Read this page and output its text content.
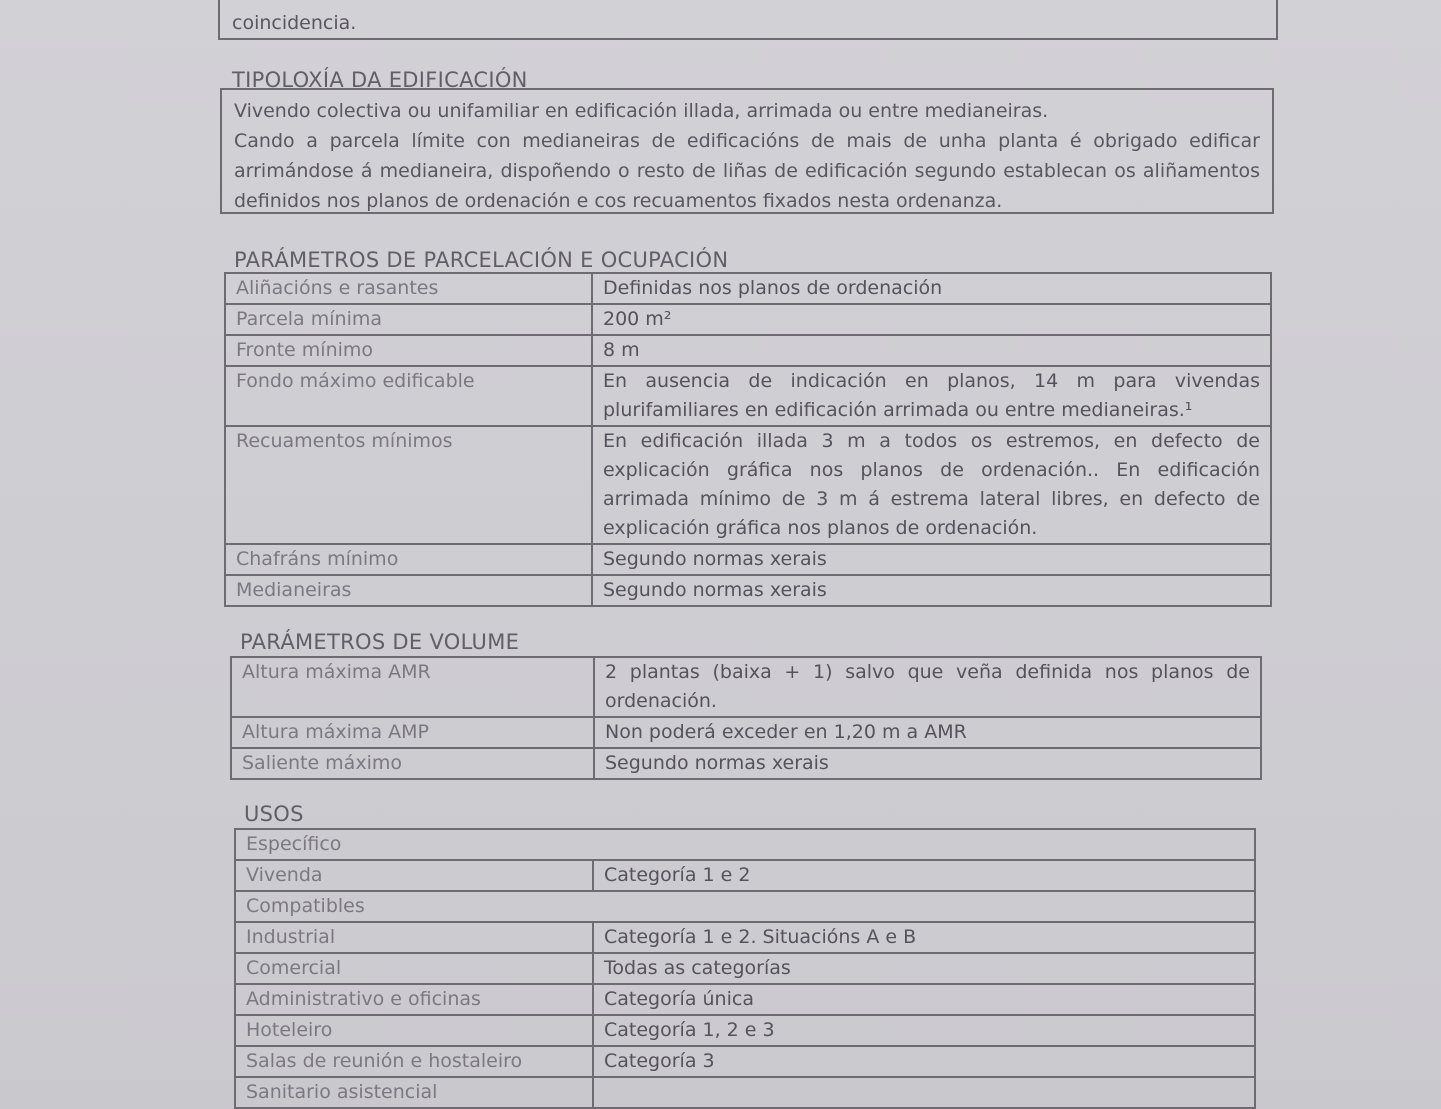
coincidencia.
TIPOLOXÍA DA EDIFICACIÓN
Vivendo colectiva ou unifamiliar en edificación illada, arrimada ou entre medianeiras.
Cando a parcela límite con medianeiras de edificacións de mais de unha planta é obrigado edificar arrimándose á medianeira, dispoñendo o resto de liñas de edificación segundo establecan os aliñamentos definidos nos planos de ordenación e cos recuamentos fixados nesta ordenanza.
PARÁMETROS DE PARCELACIÓN E OCUPACIÓN
Aliñacións e rasantes	Definidas nos planos de ordenación
Parcela mínima	200 m²
Fronte mínimo	8 m
Fondo máximo edificable	En ausencia de indicación en planos, 14 m para vivendas plurifamiliares en edificación arrimada ou entre medianeiras.¹
Recuamentos mínimos	En edificación illada 3 m a todos os estremos, en defecto de explicación gráfica nos planos de ordenación.. En edificación arrimada mínimo de 3 m á estrema lateral libres, en defecto de explicación gráfica nos planos de ordenación.
Chafráns mínimo	Segundo normas xerais
Medianeiras	Segundo normas xerais
PARÁMETROS DE VOLUME
Altura máxima AMR	2 plantas (baixa + 1) salvo que veña definida nos planos de ordenación.
Altura máxima AMP	Non poderá exceder en 1,20 m a AMR
Saliente máximo	Segundo normas xerais
USOS
Específico	
Vivenda	Categoría 1 e 2
Compatibles	
Industrial	Categoría 1 e 2. Situacións A e B
Comercial	Todas as categorías
Administrativo e oficinas	Categoría única
Hoteleiro	Categoría 1, 2 e 3
Salas de reunión e hostaleiro	Categoría 3
Sanitario asistencial	
